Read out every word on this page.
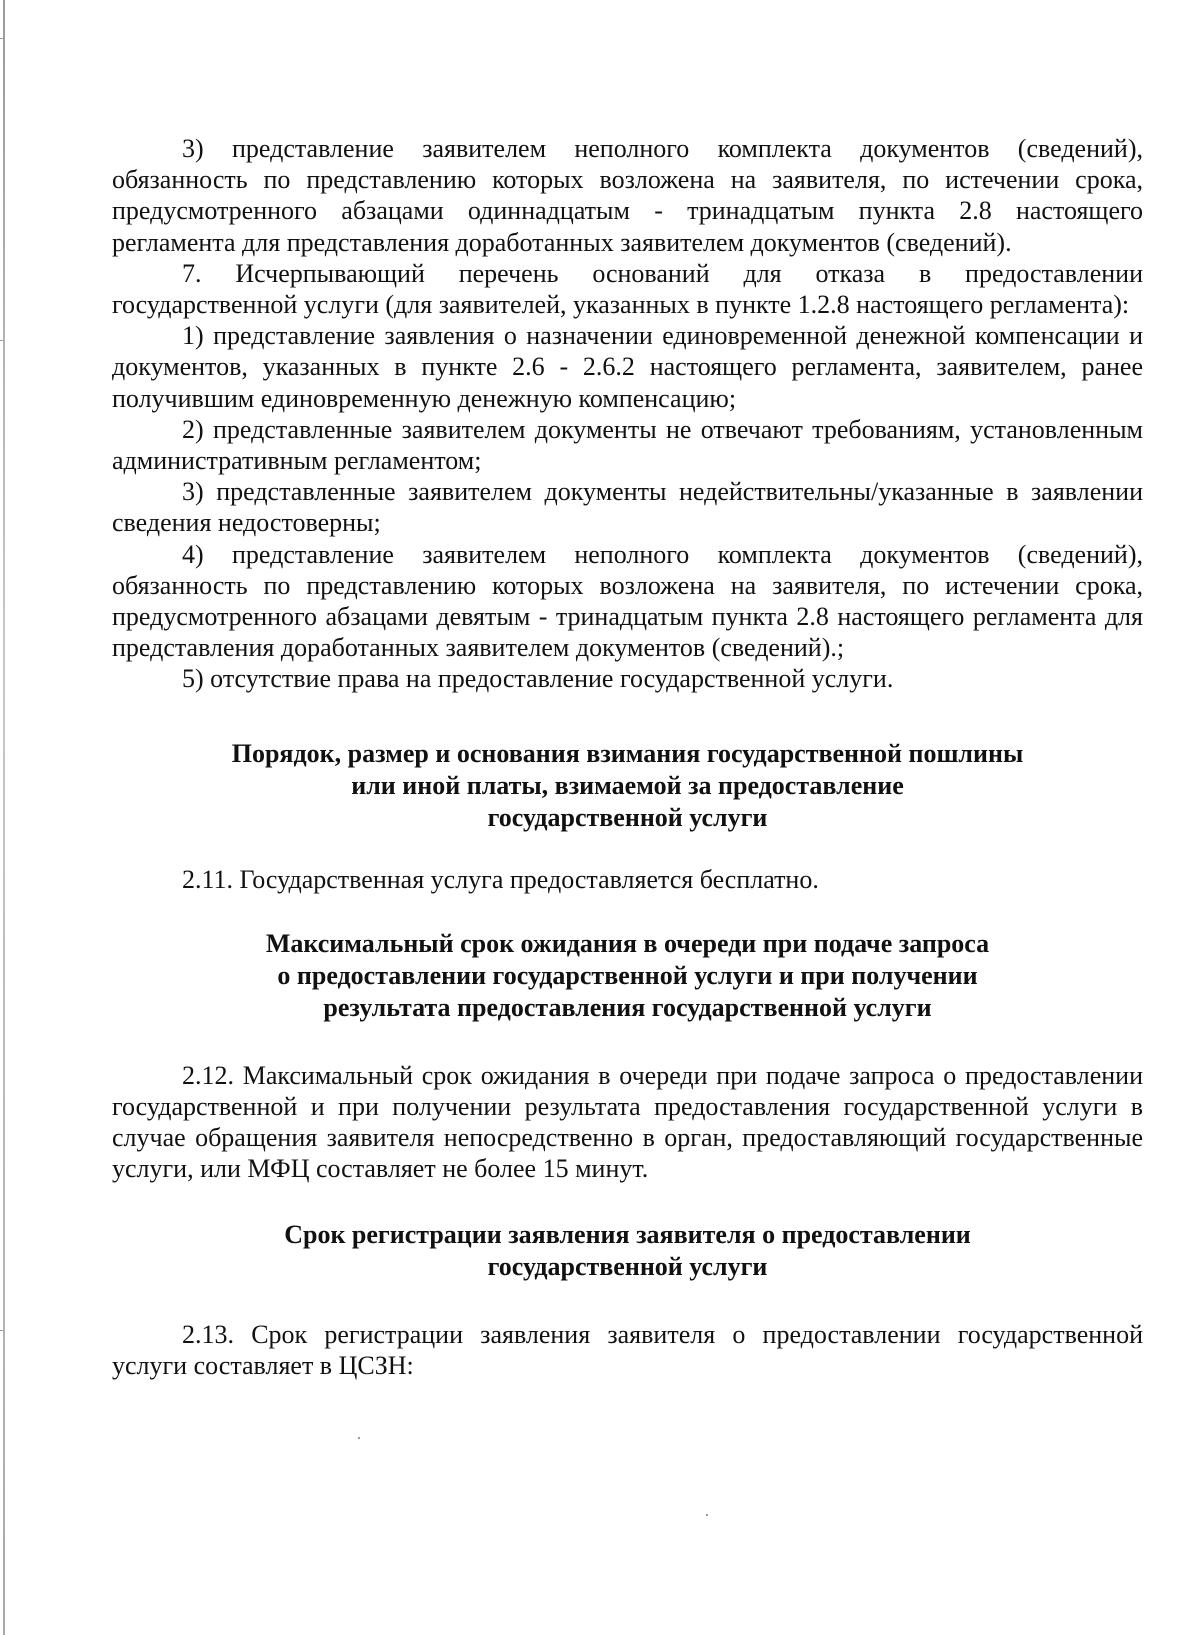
3) представление заявителем неполного комплекта документов (сведений), обязанность по представлению которых возложена на заявителя, по истечении срока, предусмотренного абзацами одиннадцатым - тринадцатым пункта 2.8 настоящего регламента для представления доработанных заявителем документов (сведений).

7. Исчерпывающий перечень оснований для отказа в предоставлении государственной услуги (для заявителей, указанных в пункте 1.2.8 настоящего регламента):

1) представление заявления о назначении единовременной денежной компенсации и документов, указанных в пункте 2.6 - 2.6.2 настоящего регламента, заявителем, ранее получившим единовременную денежную компенсацию;

2) представленные заявителем документы не отвечают требованиям, установленным административным регламентом;

3) представленные заявителем документы недействительны/указанные в заявлении сведения недостоверны;

4) представление заявителем неполного комплекта документов (сведений), обязанность по представлению которых возложена на заявителя, по истечении срока, предусмотренного абзацами девятым - тринадцатым пункта 2.8 настоящего регламента для представления доработанных заявителем документов (сведений).;

5) отсутствие права на предоставление государственной услуги.

Порядок, размер и основания взимания государственной пошлины
или иной платы, взимаемой за предоставление
государственной услуги

2.11. Государственная услуга предоставляется бесплатно.

Максимальный срок ожидания в очереди при подаче запроса
о предоставлении государственной услуги и при получении
результата предоставления государственной услуги

2.12. Максимальный срок ожидания в очереди при подаче запроса о предоставлении государственной и при получении результата предоставления государственной услуги в случае обращения заявителя непосредственно в орган, предоставляющий государственные услуги, или МФЦ составляет не более 15 минут.

Срок регистрации заявления заявителя о предоставлении
государственной услуги

2.13. Срок регистрации заявления заявителя о предоставлении государственной услуги составляет в ЦСЗН:
